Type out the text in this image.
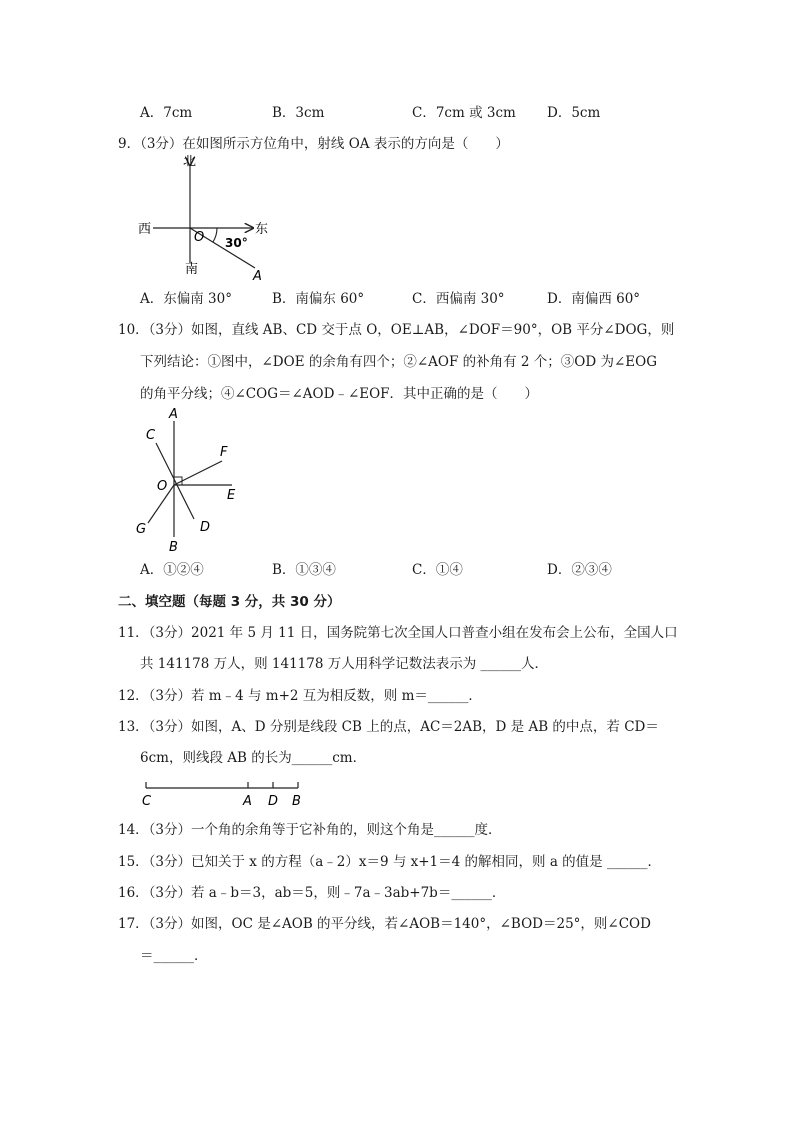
A．7cm	B．3cm	C．7cm 或 3cm D．5cm
9．（3分）在如图所示方位角中，射线 OA 表示的方向是（　　）
北
西	东
南
O 30°
A
A．东偏南 30°	B．南偏东 60°	C．西偏南 30°	D．南偏西 60°
10．（3分）如图，直线 AB、CD 交于点 O，OE⊥AB，∠DOF＝90°，OB 平分∠DOG，则
下列结论：①图中，∠DOE 的余角有四个；②∠AOF 的补角有 2 个；③OD 为∠EOG
的角平分线；④∠COG＝∠AOD﹣∠EOF．其中正确的是（　　）
A
C
F
O
E
G	D
B
A．①②④	B．①③④	C．①④	D．②③④
二、填空题（每题 3 分，共 30 分）
11．（3分）2021 年 5 月 11 日，国务院第七次全国人口普查小组在发布会上公布，全国人口
共 141178 万人，则 141178 万人用科学记数法表示为 ______人．
12．（3分）若 m﹣4 与 m+2 互为相反数，则 m＝______．
13．（3分）如图，A、D 分别是线段 CB 上的点，AC＝2AB，D 是 AB 的中点，若 CD＝
6cm，则线段 AB 的长为______cm．
C	A D B
14．（3分）一个角的余角等于它补角的，则这个角是______度．
15．（3分）已知关于 x 的方程（a﹣2）x＝9 与 x+1＝4 的解相同，则 a 的值是 ______．
16．（3分）若 a﹣b＝3，ab＝5，则﹣7a﹣3ab+7b＝______．
17．（3分）如图，OC 是∠AOB 的平分线，若∠AOB＝140°，∠BOD＝25°，则∠COD
＝______．
